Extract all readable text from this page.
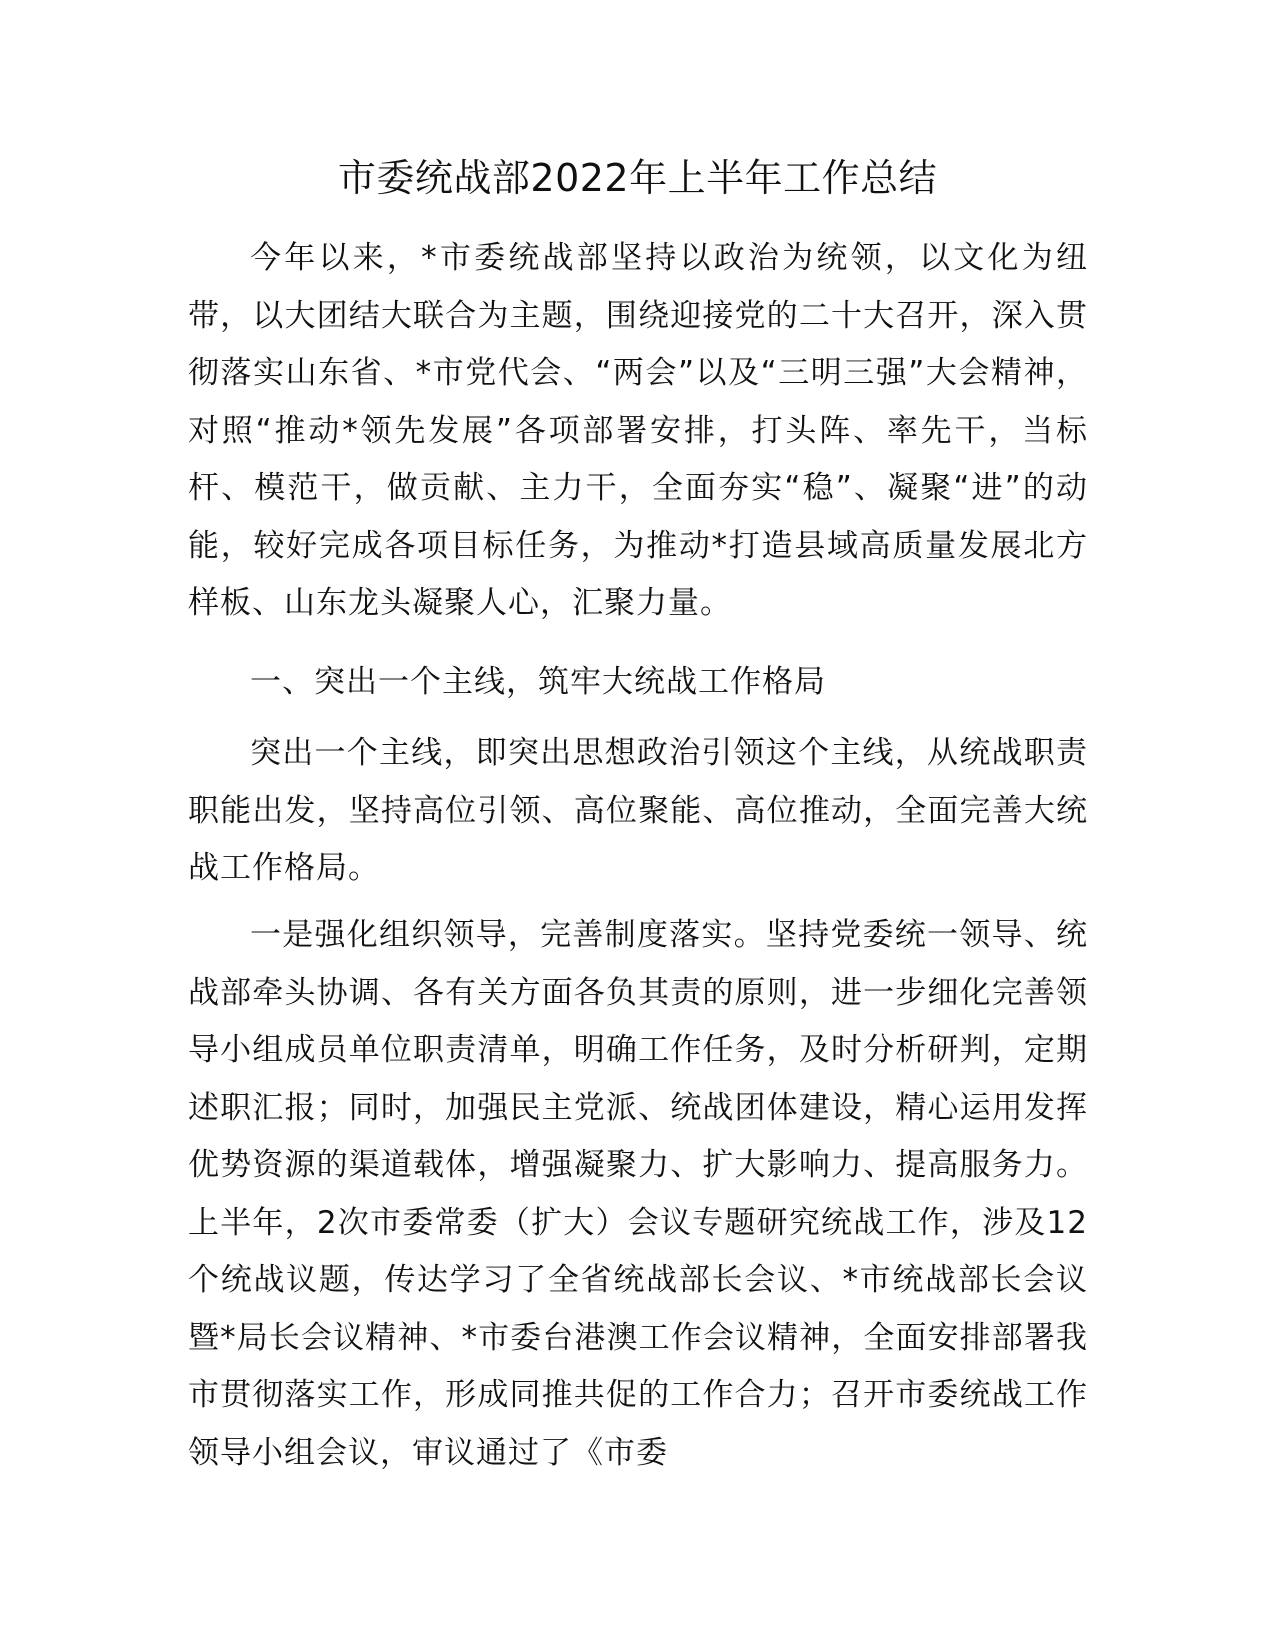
市委统战部2022年上半年工作总结
今年以来，*市委统战部坚持以政治为统领，以文化为纽带，以大团结大联合为主题，围绕迎接党的二十大召开，深入贯彻落实山东省、*市党代会、“两会”以及“三明三强”大会精神，对照“推动*领先发展”各项部署安排，打头阵、率先干，当标杆、模范干，做贡献、主力干，全面夯实“稳”、凝聚“进”的动能，较好完成各项目标任务，为推动*打造县域高质量发展北方样板、山东龙头凝聚人心，汇聚力量。
一、突出一个主线，筑牢大统战工作格局
突出一个主线，即突出思想政治引领这个主线，从统战职责职能出发，坚持高位引领、高位聚能、高位推动，全面完善大统战工作格局。
一是强化组织领导，完善制度落实。坚持党委统一领导、统战部牵头协调、各有关方面各负其责的原则，进一步细化完善领导小组成员单位职责清单，明确工作任务，及时分析研判，定期述职汇报；同时，加强民主党派、统战团体建设，精心运用发挥优势资源的渠道载体，增强凝聚力、扩大影响力、提高服务力。上半年，2次市委常委（扩大）会议专题研究统战工作，涉及12个统战议题，传达学习了全省统战部长会议、*市统战部长会议暨*局长会议精神、*市委台港澳工作会议精神，全面安排部署我市贯彻落实工作，形成同推共促的工作合力；召开市委统战工作领导小组会议，审议通过了《市委
